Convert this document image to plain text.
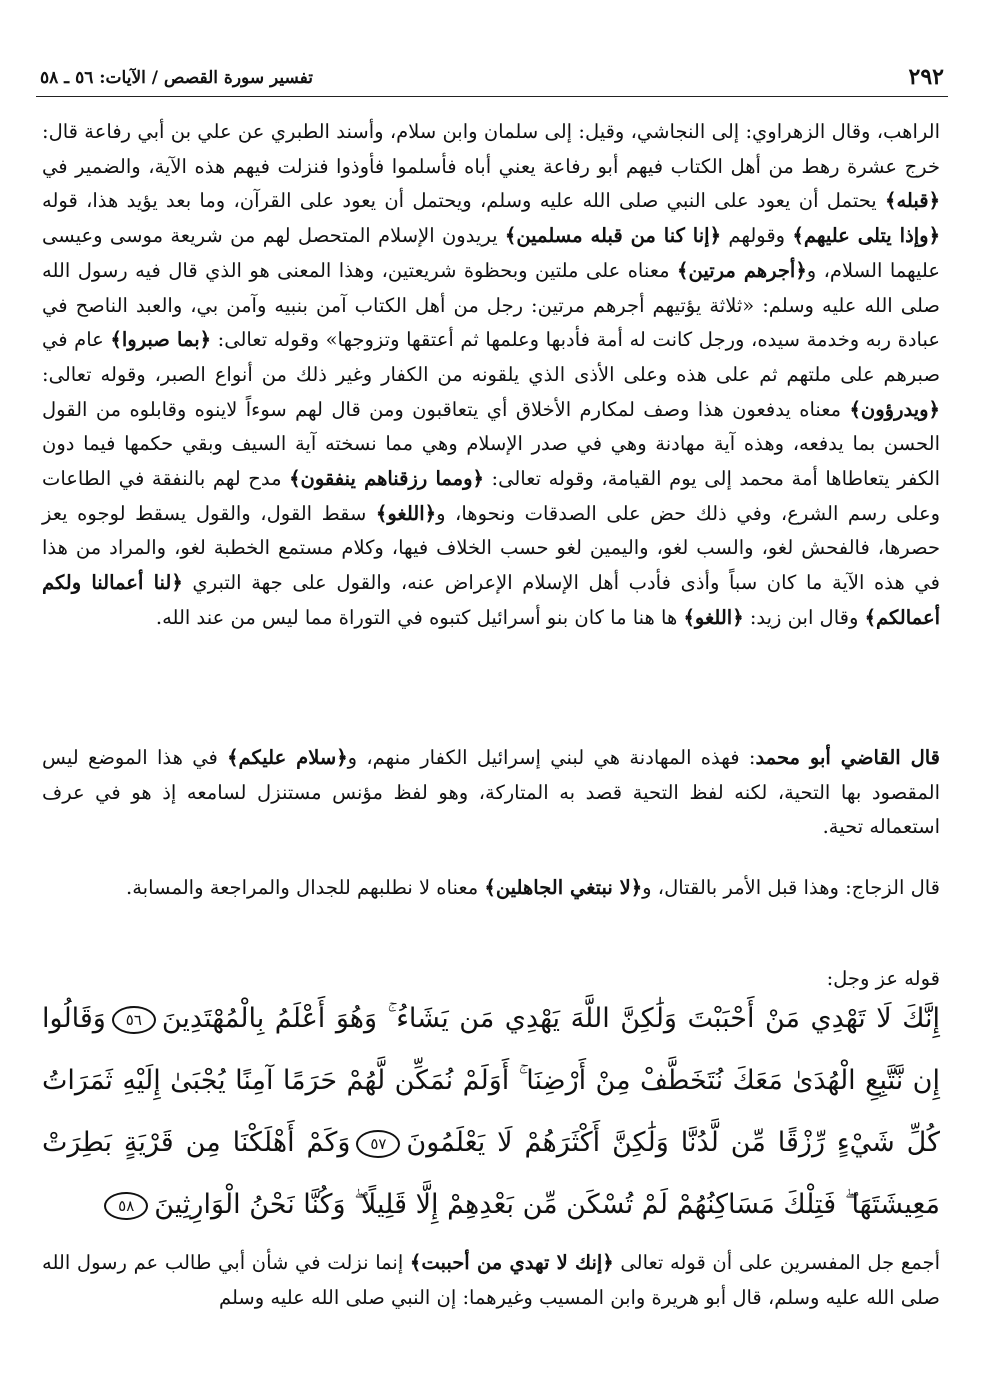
٢٩٢
تفسير سورة القصص / الآيات: ٥٦ ـ ٥٨

الراهب، وقال الزهراوي: إلى النجاشي، وقيل: إلى سلمان وابن سلام، وأسند الطبري عن علي بن أبي رفاعة قال: خرج عشرة رهط من أهل الكتاب فيهم أبو رفاعة يعني أباه فأسلموا فأوذوا فنزلت فيهم هذه الآية، والضمير في ﴿قبله﴾ يحتمل أن يعود على النبي صلى الله عليه وسلم، ويحتمل أن يعود على القرآن، وما بعد يؤيد هذا، قوله ﴿وإذا يتلى عليهم﴾ وقولهم ﴿إنا كنا من قبله مسلمين﴾ يريدون الإسلام المتحصل لهم من شريعة موسى وعيسى عليهما السلام، و﴿أجرهم مرتين﴾ معناه على ملتين وبحظوة شريعتين، وهذا المعنى هو الذي قال فيه رسول الله صلى الله عليه وسلم: «ثلاثة يؤتيهم أجرهم مرتين: رجل من أهل الكتاب آمن بنبيه وآمن بي، والعبد الناصح في عبادة ربه وخدمة سيده، ورجل كانت له أمة فأدبها وعلمها ثم أعتقها وتزوجها» وقوله تعالى: ﴿بما صبروا﴾ عام في صبرهم على ملتهم ثم على هذه وعلى الأذى الذي يلقونه من الكفار وغير ذلك من أنواع الصبر، وقوله تعالى: ﴿ويدرؤون﴾ معناه يدفعون هذا وصف لمكارم الأخلاق أي يتعاقبون ومن قال لهم سوءاً لاينوه وقابلوه من القول الحسن بما يدفعه، وهذه آية مهادنة وهي في صدر الإسلام وهي مما نسخته آية السيف وبقي حكمها فيما دون الكفر يتعاطاها أمة محمد إلى يوم القيامة، وقوله تعالى: ﴿ومما رزقناهم ينفقون﴾ مدح لهم بالنفقة في الطاعات وعلى رسم الشرع، وفي ذلك حض على الصدقات ونحوها، و﴿اللغو﴾ سقط القول، والقول يسقط لوجوه يعز حصرها، فالفحش لغو، والسب لغو، واليمين لغو حسب الخلاف فيها، وكلام مستمع الخطبة لغو، والمراد من هذا في هذه الآية ما كان سباً وأذى فأدب أهل الإسلام الإعراض عنه، والقول على جهة التبري ﴿لنا أعمالنا ولكم أعمالكم﴾ وقال ابن زيد: ﴿اللغو﴾ ها هنا ما كان بنو أسرائيل كتبوه في التوراة مما ليس من عند الله.

قال القاضي أبو محمد: فهذه المهادنة هي لبني إسرائيل الكفار منهم، و﴿سلام عليكم﴾ في هذا الموضع ليس المقصود بها التحية، لكنه لفظ التحية قصد به المتاركة، وهو لفظ مؤنس مستنزل لسامعه إذ هو في عرف استعماله تحية.

قال الزجاج: وهذا قبل الأمر بالقتال، و﴿لا نبتغي الجاهلين﴾ معناه لا نطلبهم للجدال والمراجعة والمسابة.

قوله عز وجل:

إِنَّكَ لَا تَهْدِي مَنْ أَحْبَبْتَ وَلَٰكِنَّ اللَّهَ يَهْدِي مَن يَشَاءُ ۚ وَهُوَ أَعْلَمُ بِالْمُهْتَدِينَ٥٦وَقَالُوا إِن نَّتَّبِعِ الْهُدَىٰ مَعَكَ نُتَخَطَّفْ مِنْ أَرْضِنَا ۚ أَوَلَمْ نُمَكِّن لَّهُمْ حَرَمًا آمِنًا يُجْبَىٰ إِلَيْهِ ثَمَرَاتُ كُلِّ شَيْءٍ رِّزْقًا مِّن لَّدُنَّا وَلَٰكِنَّ أَكْثَرَهُمْ لَا يَعْلَمُونَ٥٧وَكَمْ أَهْلَكْنَا مِن قَرْيَةٍ بَطِرَتْ مَعِيشَتَهَا ۖ فَتِلْكَ مَسَاكِنُهُمْ لَمْ تُسْكَن مِّن بَعْدِهِمْ إِلَّا قَلِيلًا ۖ وَكُنَّا نَحْنُ الْوَارِثِينَ٥٨

أجمع جل المفسرين على أن قوله تعالى ﴿إنك لا تهدي من أحببت﴾ إنما نزلت في شأن أبي طالب عم رسول الله صلى الله عليه وسلم، قال أبو هريرة وابن المسيب وغيرهما: إن النبي صلى الله عليه وسلم
